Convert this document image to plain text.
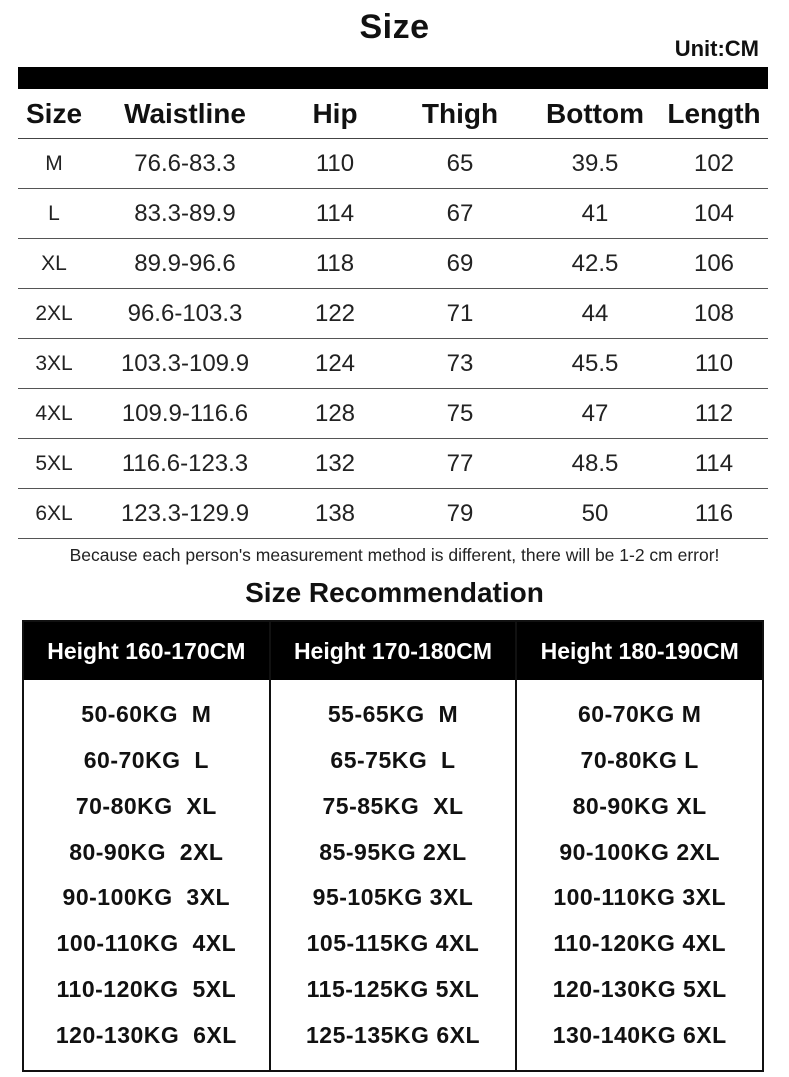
Size
Unit:CM
Size	Waistline	Hip	Thigh	Bottom	Length
M	76.6-83.3	110	65	39.5	102
L	83.3-89.9	114	67	41	104
XL	89.9-96.6	118	69	42.5	106
2XL	96.6-103.3	122	71	44	108
3XL	103.3-109.9	124	73	45.5	110
4XL	109.9-116.6	128	75	47	112
5XL	116.6-123.3	132	77	48.5	114
6XL	123.3-129.9	138	79	50	116
Because each person's measurement method is different, there will be 1-2 cm error!
Size Recommendation
Height 160-170CM
50-60KG  M
60-70KG  L
70-80KG  XL
80-90KG  2XL
90-100KG  3XL
100-110KG  4XL
110-120KG  5XL
120-130KG  6XL
Height 170-180CM
55-65KG  M
65-75KG  L
75-85KG  XL
85-95KG 2XL
95-105KG 3XL
105-115KG 4XL
115-125KG 5XL
125-135KG 6XL
Height 180-190CM
60-70KG M
70-80KG L
80-90KG XL
90-100KG 2XL
100-110KG 3XL
110-120KG 4XL
120-130KG 5XL
130-140KG 6XL
